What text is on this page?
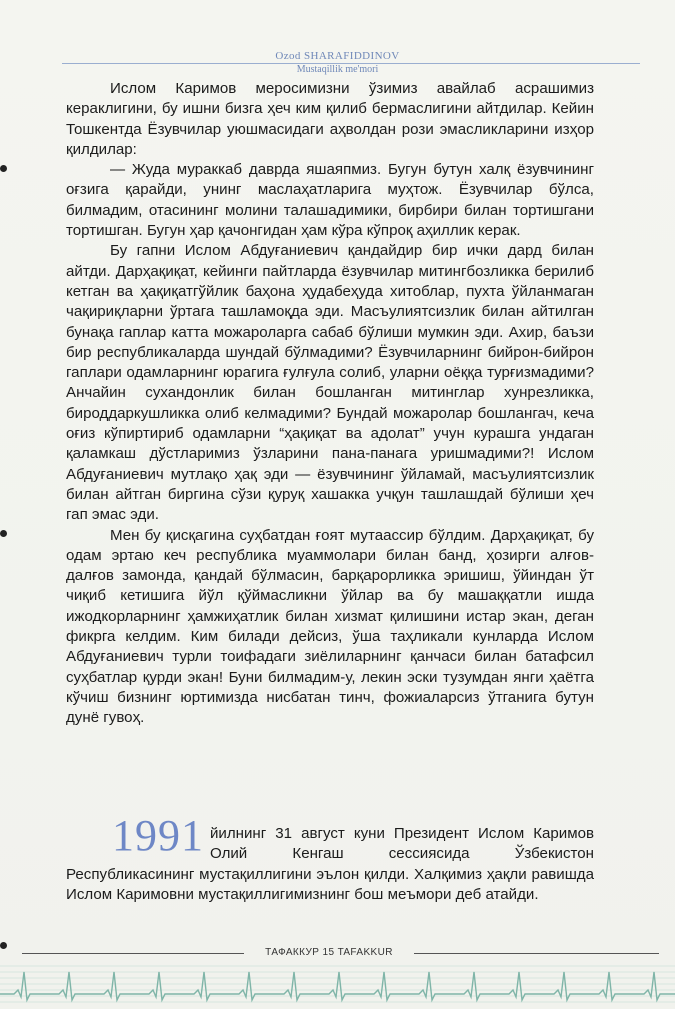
Ozod SHARAFIDDINOV
Mustaqillik me'mori

Ислом Каримов меросимизни ўзимиз авайлаб асрашимиз кераклигини, бу ишни бизга ҳеч ким қилиб бермаслигини айтдилар. Кейин Тошкентда Ёзувчилар уюшмасидаги аҳволдан рози эмасликларини изҳор қилдилар:

— Жуда мураккаб даврда яшаяпмиз. Бугун бутун халқ ёзувчининг оғзига қарайди, унинг маслаҳатларига муҳтож. Ёзувчилар бўлса, билмадим, отасининг молини талашадимики, бирбири билан тортишгани тортишган. Бугун ҳар қачонгидан ҳам кўра кўпроқ аҳиллик керак.

Бу гапни Ислом Абдуғаниевич қандайдир бир ички дард билан айтди. Дарҳақиқат, кейинги пайтларда ёзувчилар митингбозликка берилиб кетган ва ҳақиқатгўйлик баҳона ҳудабеҳуда хитоблар, пухта ўйланмаган чақириқларни ўртага ташламоқда эди. Масъулиятсизлик билан айтилган бунақа гаплар катта можароларга сабаб бўлиши мумкин эди. Ахир, баъзи бир республикаларда шундай бўлмадими? Ёзувчиларнинг бийрон-бийрон гаплари одамларнинг юрагига ғулғула солиб, уларни оёққа турғизмадими? Анчайин сухандонлик билан бошланган митинглар хунрезликка, бироддаркушликка олиб келмадими? Бундай можаролар бошлангач, кеча оғиз кўпиртириб одамларни “ҳақиқат ва адолат” учун курашга ундаган қаламкаш дўстларимиз ўзларини пана-панага уришмадими?! Ислом Абдуғаниевич мутлақо ҳақ эди — ёзувчининг ўйламай, масъулиятсизлик билан айтган биргина сўзи қуруқ хашакка учқун ташлашдай бўлиши ҳеч гап эмас эди.

Мен бу қисқагина суҳбатдан ғоят мутаассир бўлдим. Дарҳақиқат, бу одам эртаю кеч республика муаммолари билан банд, ҳозирги алғов-далғов замонда, қандай бўлмасин, барқарорликка эришиш, ўйиндан ўт чиқиб кетишига йўл қўймасликни ўйлар ва бу машаққатли ишда ижодкорларнинг ҳамжиҳатлик билан хизмат қилишини истар экан, деган фикрга келдим. Ким билади дейсиз, ўша таҳликали кунларда Ислом Абдуғаниевич турли тоифадаги зиёлиларнинг қанчаси билан батафсил суҳбатлар қурди экан! Буни билмадим-у, лекин эски тузумдан янги ҳаётга кўчиш бизнинг юртимизда нисбатан тинч, фожиаларсиз ўтганига бутун дунё гувоҳ.

1991 йилнинг 31 август куни Президент Ислом Каримов Олий Кенгаш сессиясида Ўзбекистон Республикасининг мустақиллигини эълон қилди. Халқимиз ҳақли равишда Ислом Каримовни мустақиллигимизнинг бош меъмори деб атайди.

ТАФАККУР 15 TAFAKKUR
